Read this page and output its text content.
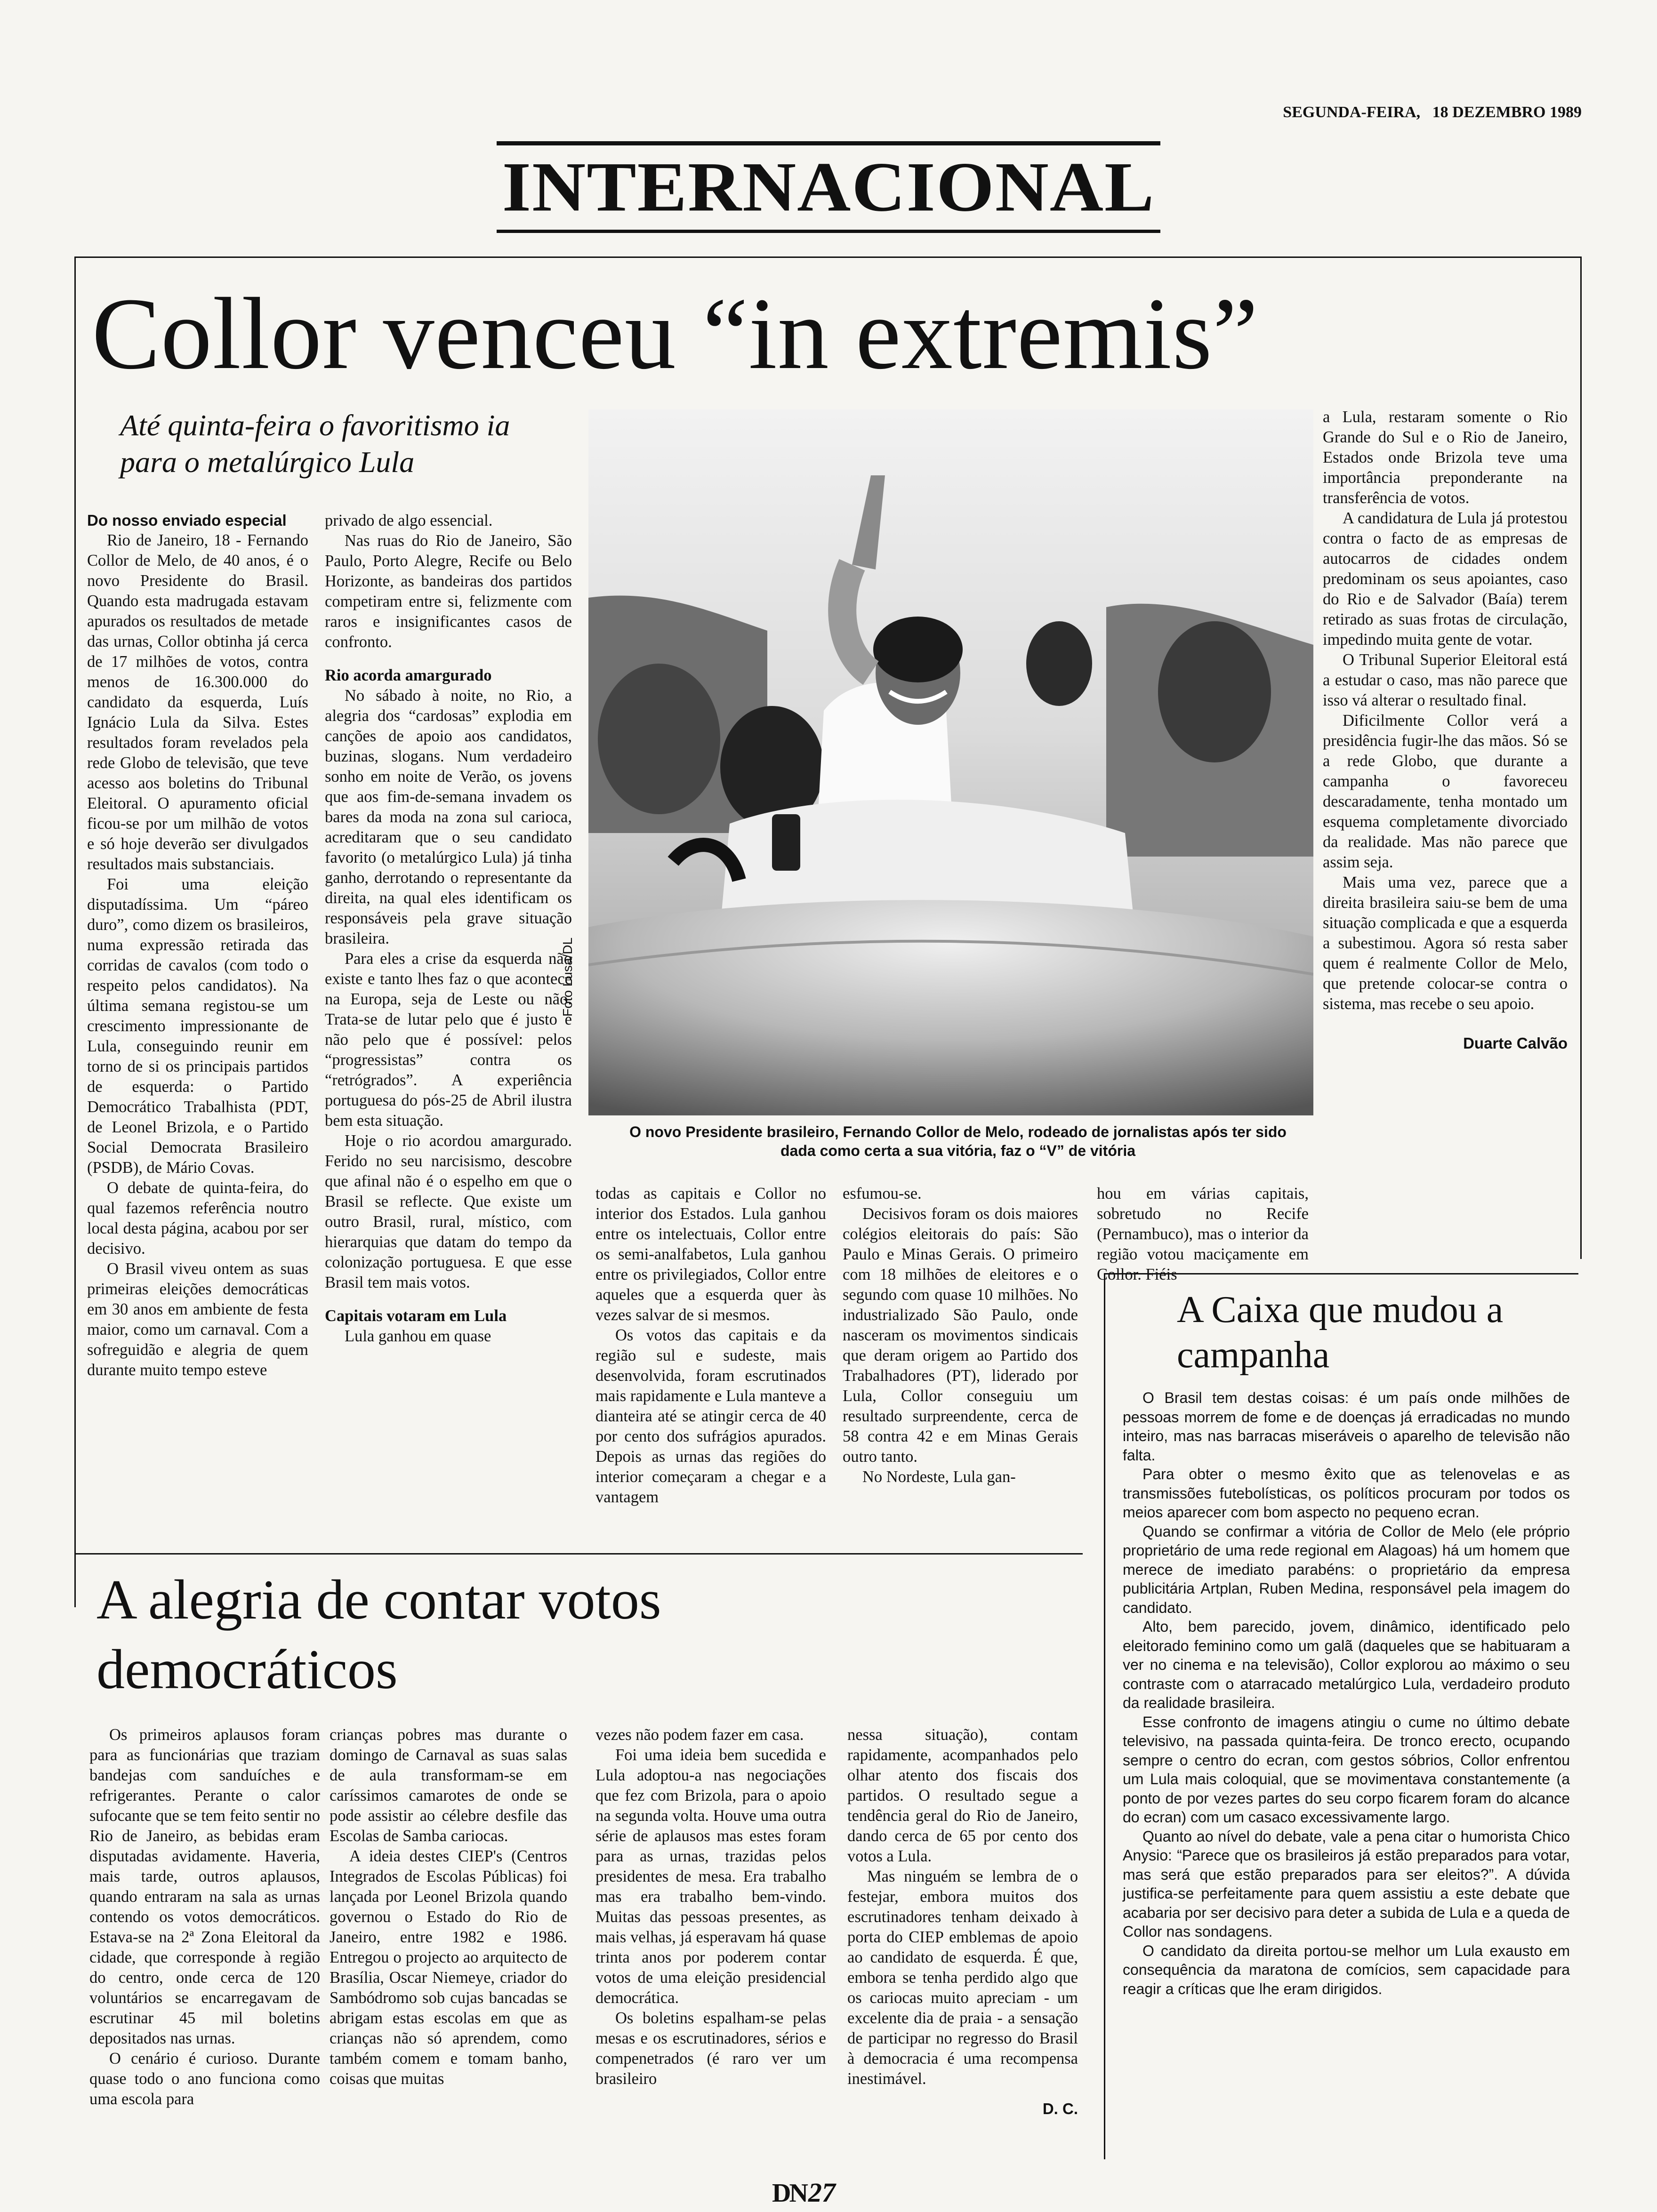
SEGUNDA-FEIRA,   18 DEZEMBRO 1989
INTERNACIONAL
Collor venceu “in extremis”
Até quinta-feira o favoritismo ia para o metalúrgico Lula

Do nosso enviado especial

Rio de Janeiro, 18 - Fernando Collor de Melo, de 40 anos, é o novo Presidente do Brasil. Quando esta madrugada estavam apurados os resultados de metade das urnas, Collor obtinha já cerca de 17 milhões de votos, contra menos de 16.300.000 do candidato da esquerda, Luís Ignácio Lula da Silva. Estes resultados foram revelados pela rede Globo de televisão, que teve acesso aos boletins do Tribunal Eleitoral. O apuramento oficial ficou-se por um milhão de votos e só hoje deverão ser divulgados resultados mais substanciais.

Foi uma eleição disputadíssima. Um “páreo duro”, como dizem os brasileiros, numa expressão retirada das corridas de cavalos (com todo o respeito pelos candidatos). Na última semana registou-se um crescimento impressionante de Lula, conseguindo reunir em torno de si os principais partidos de esquerda: o Partido Democrático Trabalhista (PDT, de Leonel Brizola, e o Partido Social Democrata Brasileiro (PSDB), de Mário Covas.

O debate de quinta-feira, do qual fazemos referência noutro local desta página, acabou por ser decisivo.

O Brasil viveu ontem as suas primeiras eleições democráticas em 30 anos em ambiente de festa maior, como um carnaval. Com a sofreguidão e alegria de quem durante muito tempo esteve

privado de algo essencial.

Nas ruas do Rio de Janeiro, São Paulo, Porto Alegre, Recife ou Belo Horizonte, as bandeiras dos partidos competiram entre si, felizmente com raros e insignificantes casos de confronto.

Rio acorda amargurado

No sábado à noite, no Rio, a alegria dos “cardosas” explodia em canções de apoio aos candidatos, buzinas, slogans. Num verdadeiro sonho em noite de Verão, os jovens que aos fim-de-semana invadem os bares da moda na zona sul carioca, acreditaram que o seu candidato favorito (o metalúrgico Lula) já tinha ganho, derrotando o representante da direita, na qual eles identificam os responsáveis pela grave situação brasileira.

Para eles a crise da esquerda não existe e tanto lhes faz o que acontece na Europa, seja de Leste ou não. Trata-se de lutar pelo que é justo e não pelo que é possível: pelos “progressistas” contra os “retrógrados”. A experiência portuguesa do pós-25 de Abril ilustra bem esta situação.

Hoje o rio acordou amargurado. Ferido no seu narcisismo, descobre que afinal não é o espelho em que o Brasil se reflecte. Que existe um outro Brasil, rural, místico, com hierarquias que datam do tempo da colonização portuguesa. E que esse Brasil tem mais votos.

Capitais votaram em Lula

Lula ganhou em quase

Foto Lusa/DL
O novo Presidente brasileiro, Fernando Collor de Melo, rodeado de jornalistas após ter sido dada como certa a sua vitória, faz o “V” de vitória

todas as capitais e Collor no interior dos Estados. Lula ganhou entre os intelectuais, Collor entre os semi-analfabetos, Lula ganhou entre os privilegiados, Collor entre aqueles que a esquerda quer às vezes salvar de si mesmos.

Os votos das capitais e da região sul e sudeste, mais desenvolvida, foram escrutinados mais rapidamente e Lula manteve a dianteira até se atingir cerca de 40 por cento dos sufrágios apurados. Depois as urnas das regiões do interior começaram a chegar e a vantagem

esfumou-se.

Decisivos foram os dois maiores colégios eleitorais do país: São Paulo e Minas Gerais. O primeiro com 18 milhões de eleitores e o segundo com quase 10 milhões. No industrializado São Paulo, onde nasceram os movimentos sindicais que deram origem ao Partido dos Trabalhadores (PT), liderado por Lula, Collor conseguiu um resultado surpreendente, cerca de 58 contra 42 e em Minas Gerais outro tanto.

No Nordeste, Lula gan-

hou em várias capitais, sobretudo no Recife (Pernambuco), mas o interior da região votou maciçamente em Collor. Fiéis

a Lula, restaram somente o Rio Grande do Sul e o Rio de Janeiro, Estados onde Brizola teve uma importância preponderante na transferência de votos.

A candidatura de Lula já protestou contra o facto de as empresas de autocarros de cidades ondem predominam os seus apoiantes, caso do Rio e de Salvador (Baía) terem retirado as suas frotas de circulação, impedindo muita gente de votar.

O Tribunal Superior Eleitoral está a estudar o caso, mas não parece que isso vá alterar o resultado final.

Dificilmente Collor verá a presidência fugir-lhe das mãos. Só se a rede Globo, que durante a campanha o favoreceu descaradamente, tenha montado um esquema completamente divorciado da realidade. Mas não parece que assim seja.

Mais uma vez, parece que a direita brasileira saiu-se bem de uma situação complicada e que a esquerda a subestimou. Agora só resta saber quem é realmente Collor de Melo, que pretende colocar-se contra o sistema, mas recebe o seu apoio.

Duarte Calvão

A Caixa que mudou a campanha

O Brasil tem destas coisas: é um país onde milhões de pessoas morrem de fome e de doenças já erradicadas no mundo inteiro, mas nas barracas miseráveis o aparelho de televisão não falta.

Para obter o mesmo êxito que as telenovelas e as transmissões futebolísticas, os políticos procuram por todos os meios aparecer com bom aspecto no pequeno ecran.

Quando se confirmar a vitória de Collor de Melo (ele próprio proprietário de uma rede regional em Alagoas) há um homem que merece de imediato parabéns: o proprietário da empresa publicitária Artplan, Ruben Medina, responsável pela imagem do candidato.

Alto, bem parecido, jovem, dinâmico, identificado pelo eleitorado feminino como um galã (daqueles que se habituaram a ver no cinema e na televisão), Collor explorou ao máximo o seu contraste com o atarracado metalúrgico Lula, verdadeiro produto da realidade brasileira.

Esse confronto de imagens atingiu o cume no último debate televisivo, na passada quinta-feira. De tronco erecto, ocupando sempre o centro do ecran, com gestos sóbrios, Collor enfrentou um Lula mais coloquial, que se movimentava constantemente (a ponto de por vezes partes do seu corpo ficarem foram do alcance do ecran) com um casaco excessivamente largo.

Quanto ao nível do debate, vale a pena citar o humorista Chico Anysio: “Parece que os brasileiros já estão preparados para votar, mas será que estão preparados para ser eleitos?”. A dúvida justifica-se perfeitamente para quem assistiu a este debate que acabaria por ser decisivo para deter a subida de Lula e a queda de Collor nas sondagens.

O candidato da direita portou-se melhor um Lula exausto em consequência da maratona de comícios, sem capacidade para reagir a críticas que lhe eram dirigidos.

A alegria de contar votos democráticos

Os primeiros aplausos foram para as funcionárias que traziam bandejas com sanduíches e refrigerantes. Perante o calor sufocante que se tem feito sentir no Rio de Janeiro, as bebidas eram disputadas avidamente. Haveria, mais tarde, outros aplausos, quando entraram na sala as urnas contendo os votos democráticos. Estava-se na 2ª Zona Eleitoral da cidade, que corresponde à região do centro, onde cerca de 120 voluntários se encarregavam de escrutinar 45 mil boletins depositados nas urnas.

O cenário é curioso. Durante quase todo o ano funciona como uma escola para

crianças pobres mas durante o domingo de Carnaval as suas salas de aula transformam-se em caríssimos camarotes de onde se pode assistir ao célebre desfile das Escolas de Samba cariocas.

A ideia destes CIEP's (Centros Integrados de Escolas Públicas) foi lançada por Leonel Brizola quando governou o Estado do Rio de Janeiro, entre 1982 e 1986. Entregou o projecto ao arquitecto de Brasília, Oscar Niemeye, criador do Sambódromo sob cujas bancadas se abrigam estas escolas em que as crianças não só aprendem, como também comem e tomam banho, coisas que muitas

vezes não podem fazer em casa.

Foi uma ideia bem sucedida e Lula adoptou-a nas negociações que fez com Brizola, para o apoio na segunda volta. Houve uma outra série de aplausos mas estes foram para as urnas, trazidas pelos presidentes de mesa. Era trabalho mas era trabalho bem-vindo. Muitas das pessoas presentes, as mais velhas, já esperavam há quase trinta anos por poderem contar votos de uma eleição presidencial democrática.

Os boletins espalham-se pelas mesas e os escrutinadores, sérios e compenetrados (é raro ver um brasileiro

nessa situação), contam rapidamente, acompanhados pelo olhar atento dos fiscais dos partidos. O resultado segue a tendência geral do Rio de Janeiro, dando cerca de 65 por cento dos votos a Lula.

Mas ninguém se lembra de o festejar, embora muitos dos escrutinadores tenham deixado à porta do CIEP emblemas de apoio ao candidato de esquerda. É que, embora se tenha perdido algo que os cariocas muito apreciam - um excelente dia de praia - a sensação de participar no regresso do Brasil à democracia é uma recompensa inestimável.

D. C.

DN 27
